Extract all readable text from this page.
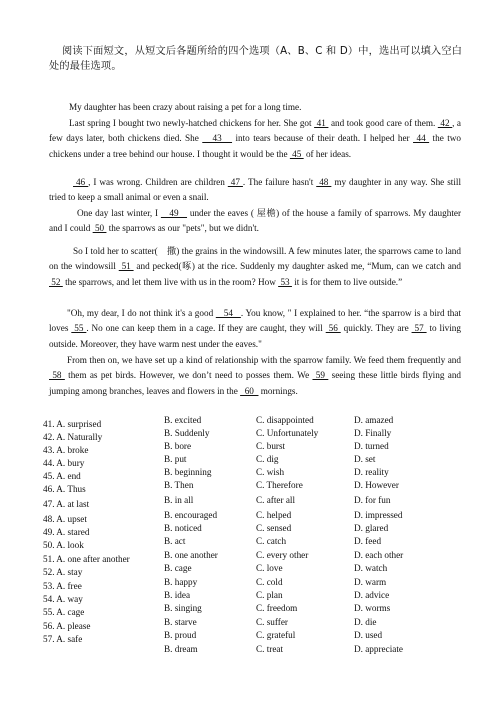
阅读下面短文，从短文后各题所给的四个选项（A、B、C 和 D）中，选出可以填入空白处的最佳选项。
My daughter has been crazy about raising a pet for a long time.
Last spring I bought two newly-hatched chickens for her. She got  41  and took good care of them.  42 , a few days later, both chickens died. She    43    into tears because of their death. I helped her  44  the two chickens under a tree behind our house. I thought it would be the  45  of her ideas.
46 , I was wrong. Children are children  47 . The failure hasn't  48  my daughter in any way. She still tried to keep a small animal or even a snail.
One day last winter, I    49    under the eaves ( 屋檐) of the house a family of sparrows. My daughter and I could  50  the sparrows as our "pets", but we didn't.
So I told her to scatter(　撒) the grains in the windowsill. A few minutes later, the sparrows came to land on the windowsill  51  and pecked(啄) at the rice. Suddenly my daughter asked me, “Mum, can we catch and  52  the sparrows, and let them live with us in the room? How  53  it is for them to live outside.”
"Oh, my dear, I do not think it's a good    54   . You know, " I explained to her. “the sparrow is a bird that loves  55 . No one can keep them in a cage. If they are caught, they will  56  quickly. They are  57  to living outside. Moreover, they have warm nest under the eaves."
From then on, we have set up a kind of relationship with the sparrow family. We feed them frequently and  58  them as pet birds. However, we don’t need to posses them. We  59  seeing these little birds flying and jumping among branches, leaves and flowers in the   60   mornings.
41. A. surprised	B. excited	C. disappointed	D. amazed
42. A. Naturally	B. Suddenly	C. Unfortunately	D. Finally
43. A. broke	B. bore	C. burst	D. turned
44. A. bury	B. put	C. dig	D. set
45. A. end	B. beginning	C. wish	D. reality
46. A. Thus	B. Then	C. Therefore	D. However
47. A. at last	B. in all	C. after all	D. for fun
48. A. upset	B. encouraged	C. helped	D. impressed
49. A. stared	B. noticed	C. sensed	D. glared
50. A. look	B. act	C. catch	D. feed
51. A. one after another	B. one another	C. every other	D. each other
52. A. stay	B. cage	C. love	D. watch
53. A. free	B. happy	C. cold	D. warm
54. A. way	B. idea	C. plan	D. advice
55. A. cage	B. singing	C. freedom	D. worms
56. A. please	B. starve	C. suffer	D. die
57. A. safe	B. proud	C. grateful	D. used
B. dream	C. treat	D. appreciate
